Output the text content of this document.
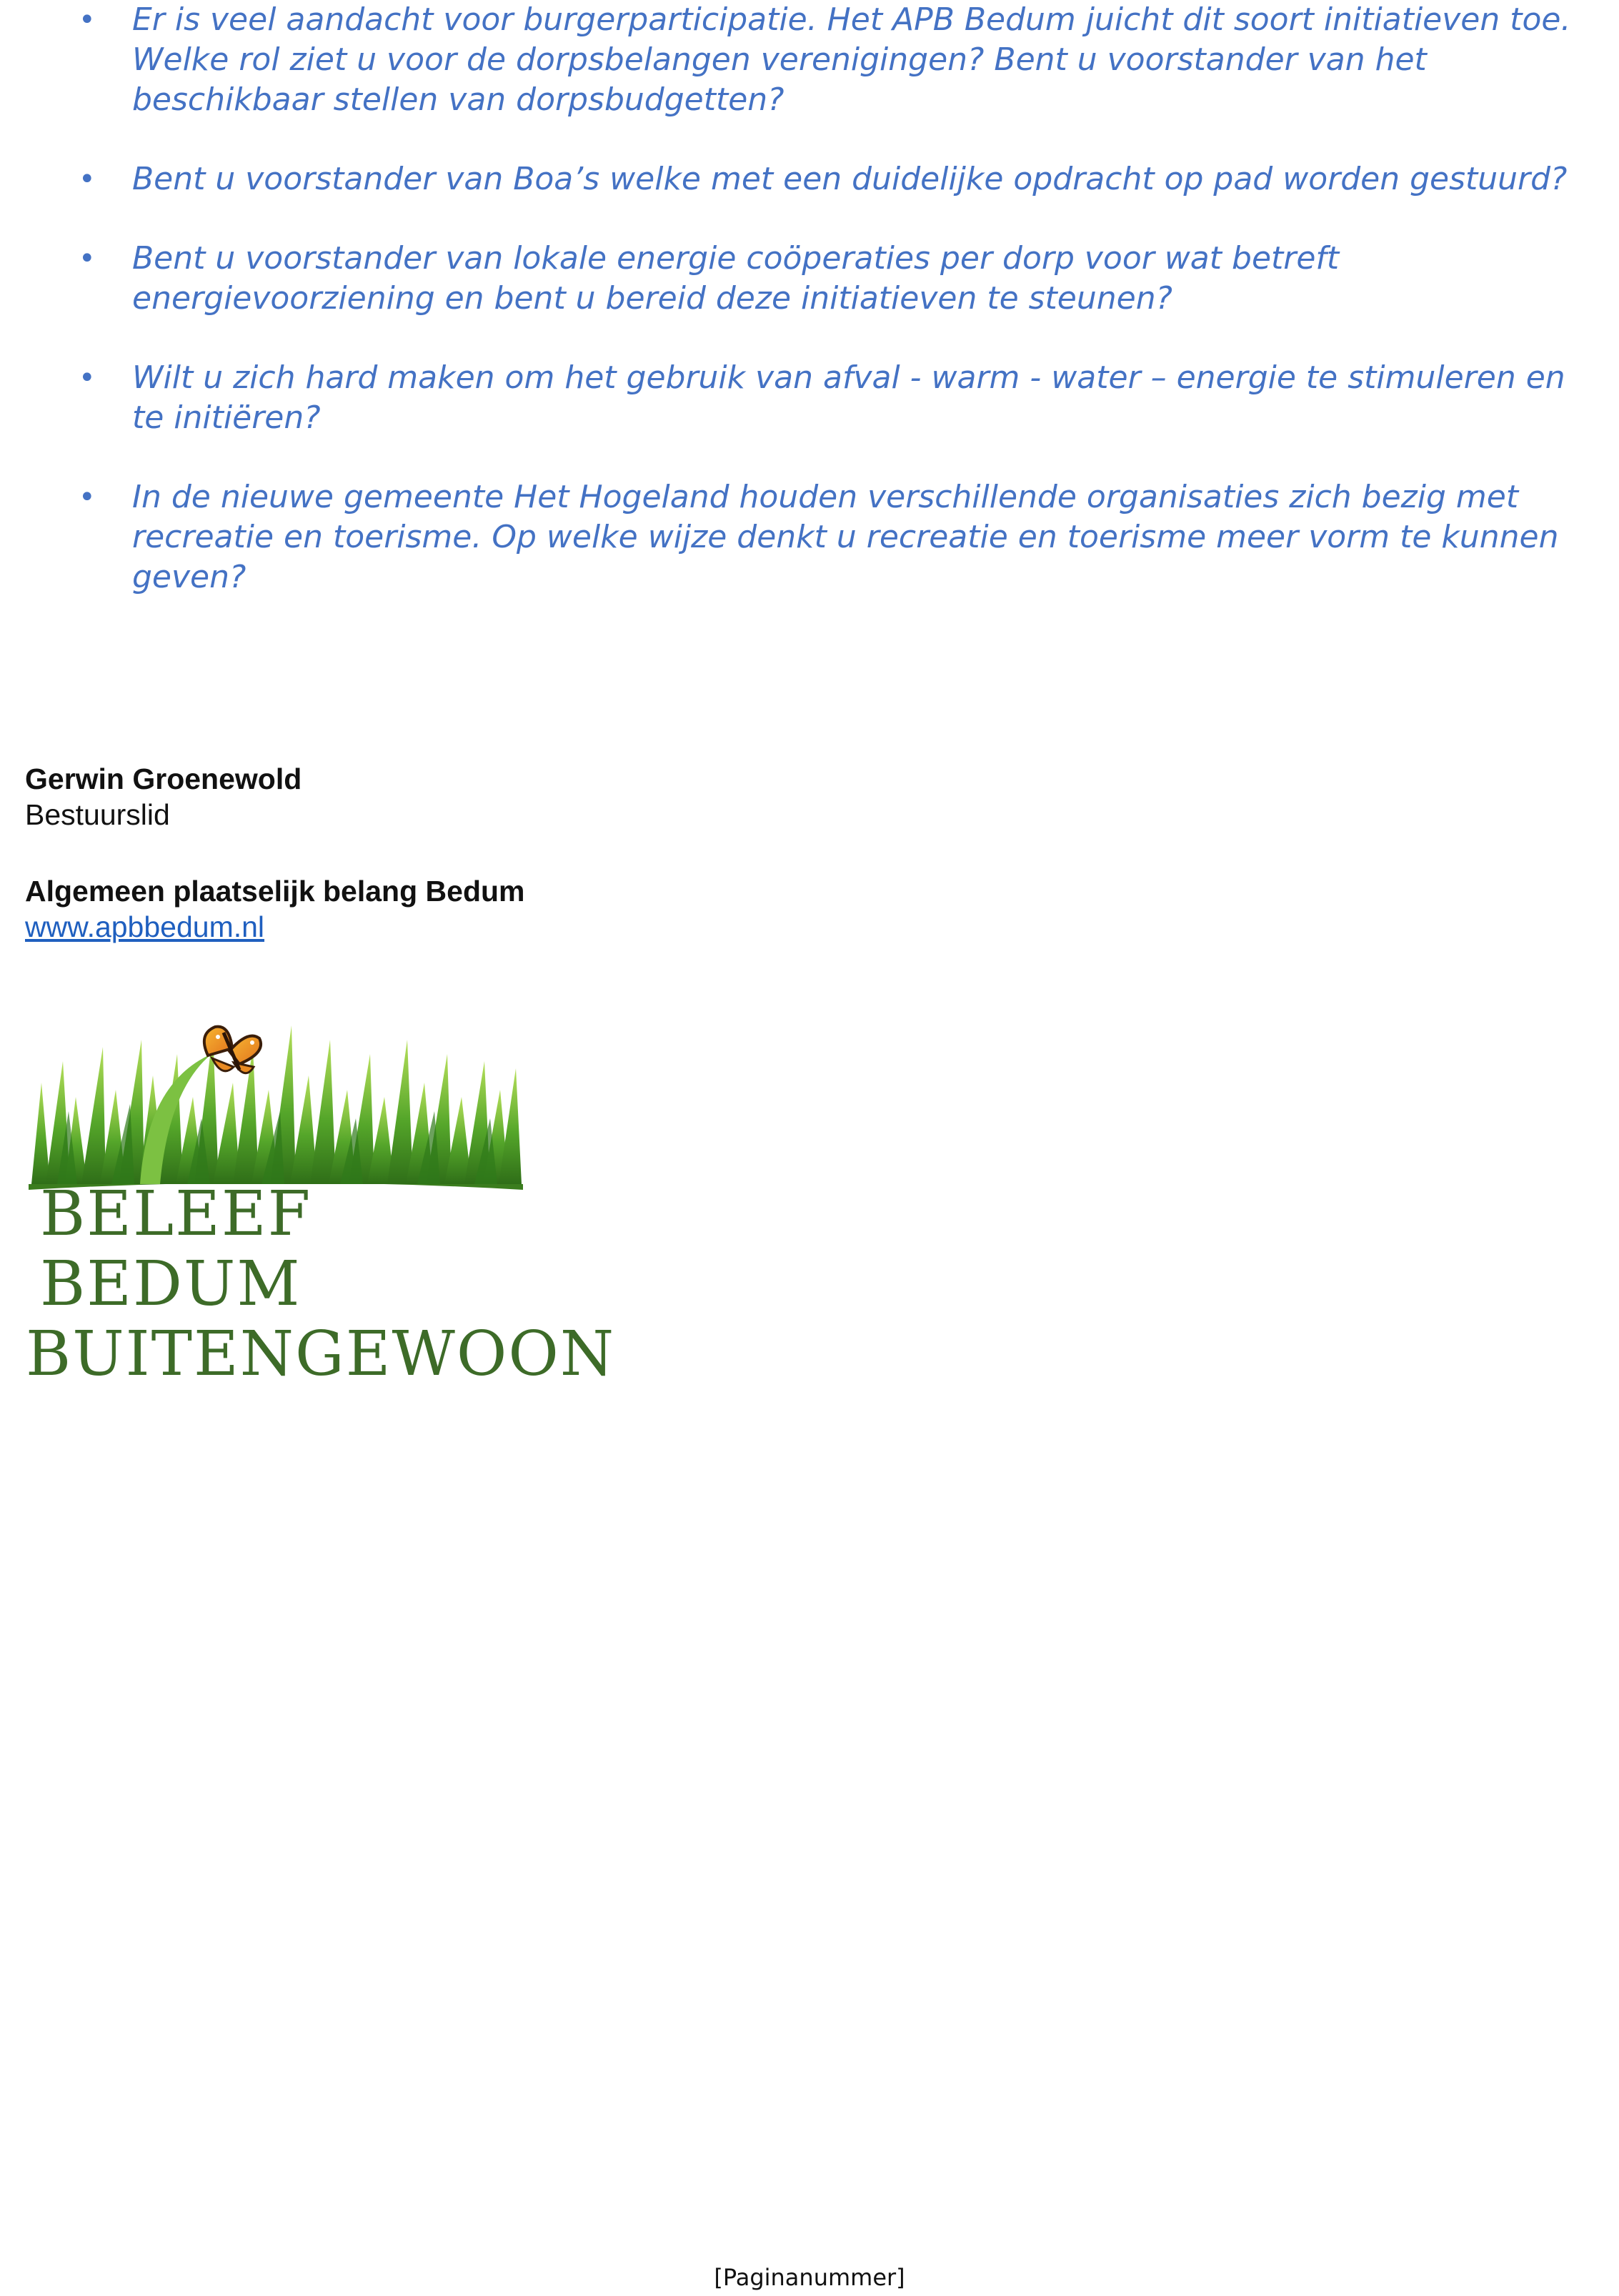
• Er is veel aandacht voor burgerparticipatie. Het APB Bedum juicht dit soort initiatieven toe. Welke rol ziet u voor de dorpsbelangen verenigingen? Bent u voorstander van het beschikbaar stellen van dorpsbudgetten?
• Bent u voorstander van Boa’s welke met een duidelijke opdracht op pad worden gestuurd?
• Bent u voorstander van lokale energie coöperaties per dorp voor wat betreft energievoorziening en bent u bereid deze initiatieven te steunen?
• Wilt u zich hard maken om het gebruik van afval - warm - water – energie te stimuleren en te initiëren?
• In de nieuwe gemeente Het Hogeland houden verschillende organisaties zich bezig met recreatie en toerisme. Op welke wijze denkt u recreatie en toerisme meer vorm te kunnen geven?
Gerwin Groenewold
Bestuurslid
Algemeen plaatselijk belang Bedum
www.apbbedum.nl
BELEEF BEDUM
BUITENGEWOON
[Paginanummer]
